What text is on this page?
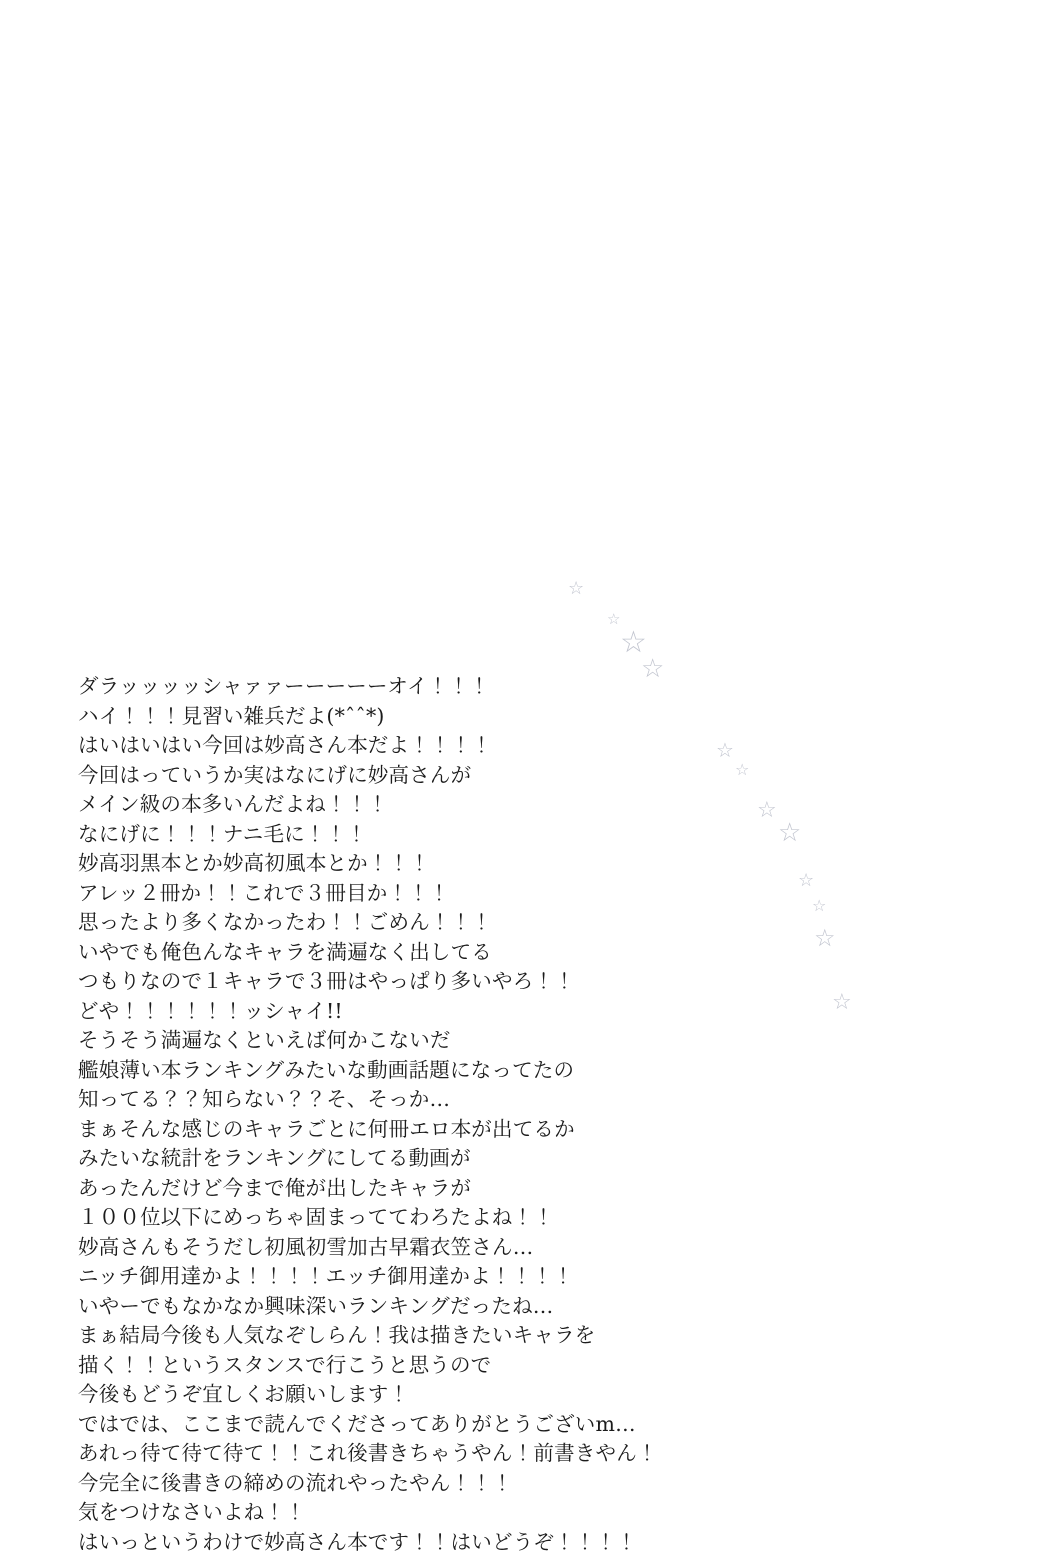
☆
☆
☆
☆
☆
☆
☆
☆
☆
☆
☆
☆
ダラッッッッシャァァーーーーーオイ！！！
ハイ！！！見習い雑兵だよ(*ˆˆ*)
はいはいはい今回は妙高さん本だよ！！！！
今回はっていうか実はなにげに妙高さんが
メイン級の本多いんだよね！！！
なにげに！！！ナニ毛に！！！
妙高羽黒本とか妙高初風本とか！！！
アレッ２冊か！！これで３冊目か！！！
思ったより多くなかったわ！！ごめん！！！
いやでも俺色んなキャラを満遍なく出してる
つもりなので１キャラで３冊はやっぱり多いやろ！！
どや！！！！！！ッシャイ!!
そうそう満遍なくといえば何かこないだ
艦娘薄い本ランキングみたいな動画話題になってたの
知ってる？？知らない？？そ、そっか…
まぁそんな感じのキャラごとに何冊エロ本が出てるか
みたいな統計をランキングにしてる動画が
あったんだけど今まで俺が出したキャラが
１００位以下にめっちゃ固まっててわろたよね！！
妙高さんもそうだし初風初雪加古早霜衣笠さん…
ニッチ御用達かよ！！！！エッチ御用達かよ！！！！
いやーでもなかなか興味深いランキングだったね…
まぁ結局今後も人気なぞしらん！我は描きたいキャラを
描く！！というスタンスで行こうと思うので
今後もどうぞ宜しくお願いします！
ではでは、ここまで読んでくださってありがとうございm…
あれっ待て待て待て！！これ後書きちゃうやん！前書きやん！
今完全に後書きの締めの流れやったやん！！！
気をつけなさいよね！！
はいっというわけで妙高さん本です！！はいどうぞ！！！！
